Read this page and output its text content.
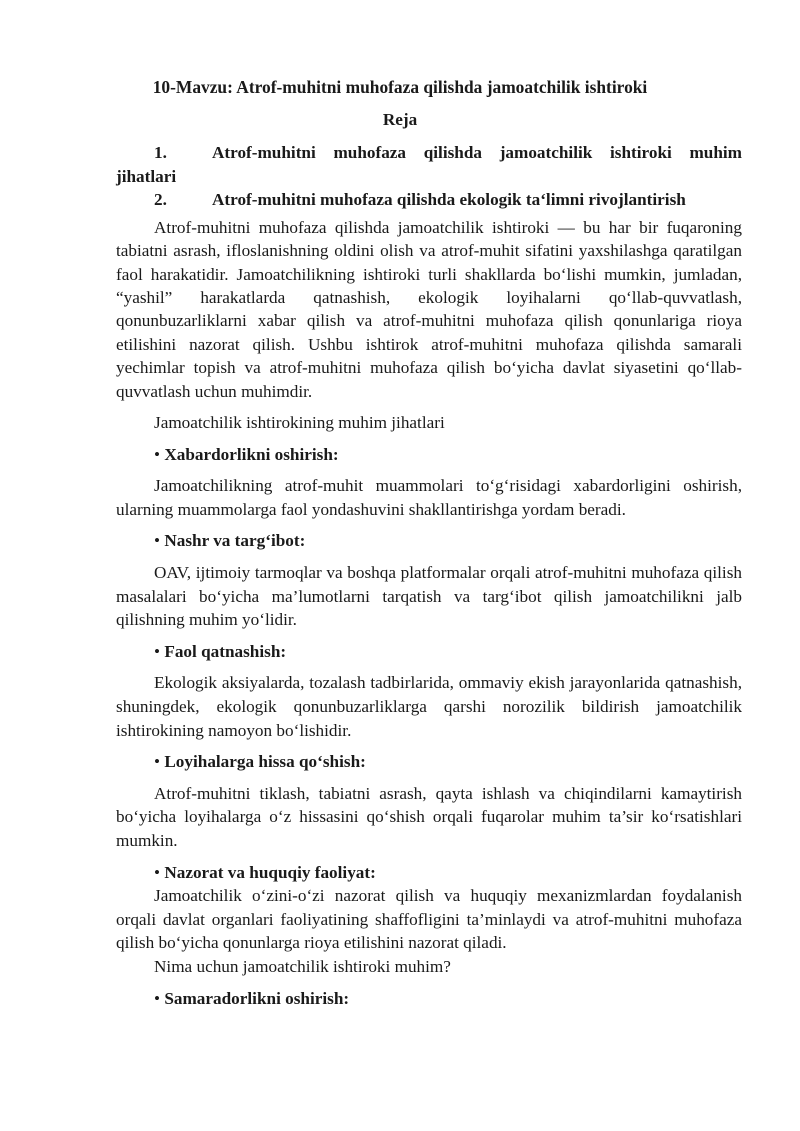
10-Mavzu: Atrof-muhitni muhofaza qilishda jamoatchilik ishtiroki
Reja

1.	Atrof-muhitni muhofaza qilishda jamoatchilik ishtiroki muhim

jihatlari

2.	Atrof-muhitni muhofaza qilishda ekologik ta‘limni rivojlantirish

Atrof-muhitni muhofaza qilishda jamoatchilik ishtiroki — bu har bir fuqaroning tabiatni asrash, ifloslanishning oldini olish va atrof-muhit sifatini yaxshilashga qaratilgan faol harakatidir. Jamoatchilikning ishtiroki turli shakllarda bo‘lishi mumkin, jumladan, “yashil” harakatlarda qatnashish, ekologik loyihalarni qo‘llab-quvvatlash, qonunbuzarliklarni xabar qilish va atrof-muhitni muhofaza qilish qonunlariga rioya etilishini nazorat qilish. Ushbu ishtirok atrof-muhitni muhofaza qilishda samarali yechimlar topish va atrof-muhitni muhofaza qilish bo‘yicha davlat siyasetini qo‘llab-quvvatlash uchun muhimdir.

Jamoatchilik ishtirokining muhim jihatlari

• Xabardorlikni oshirish:

Jamoatchilikning atrof-muhit muammolari to‘g‘risidagi xabardorligini oshirish, ularning muammolarga faol yondashuvini shakllantirishga yordam beradi.

• Nashr va targ‘ibot:

OAV, ijtimoiy tarmoqlar va boshqa platformalar orqali atrof-muhitni muhofaza qilish masalalari bo‘yicha ma’lumotlarni tarqatish va targ‘ibot qilish jamoatchilikni jalb qilishning muhim yo‘lidir.

• Faol qatnashish:

Ekologik aksiyalarda, tozalash tadbirlarida, ommaviy ekish jarayonlarida qatnashish, shuningdek, ekologik qonunbuzarliklarga qarshi norozilik bildirish jamoatchilik ishtirokining namoyon bo‘lishidir.

• Loyihalarga hissa qo‘shish:

Atrof-muhitni tiklash, tabiatni asrash, qayta ishlash va chiqindilarni kamaytirish bo‘yicha loyihalarga o‘z hissasini qo‘shish orqali fuqarolar muhim ta’sir ko‘rsatishlari mumkin.

• Nazorat va huquqiy faoliyat:

Jamoatchilik o‘zini-o‘zi nazorat qilish va huquqiy mexanizmlardan foydalanish orqali davlat organlari faoliyatining shaffofligini ta’minlaydi va atrof-muhitni muhofaza qilish bo‘yicha qonunlarga rioya etilishini nazorat qiladi.

Nima uchun jamoatchilik ishtiroki muhim?

• Samaradorlikni oshirish:
